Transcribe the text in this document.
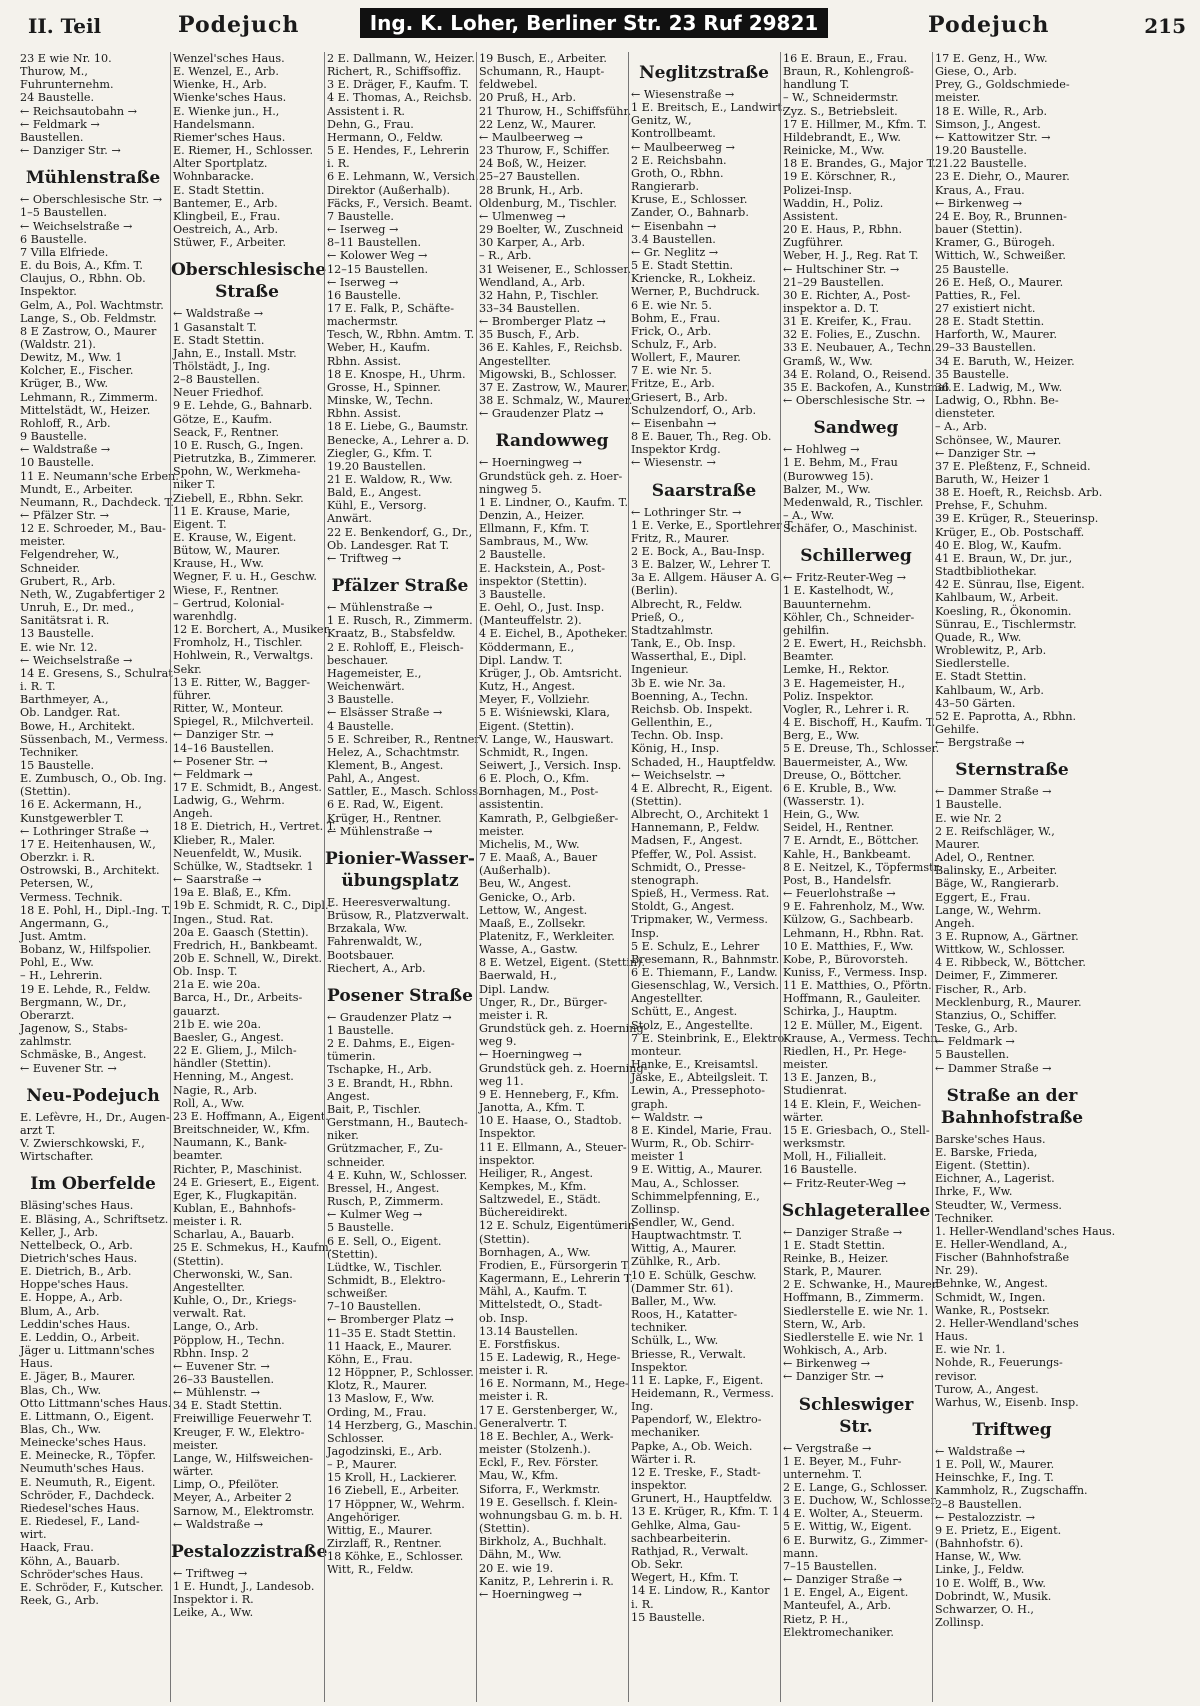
II. Teil	Podejuch	Ing. K. Loher, Berliner Str. 23 Ruf 29821	Podejuch	215
23 E wie Nr. 10.
Thurow, M.,
Fuhrunternehm.
24 Baustelle.
← Reichsautobahn →
← Feldmark →
Baustellen.
← Danziger Str. →
Mühlenstraße
← Oberschlesische Str. →
1–5 Baustellen.
← Weichselstraße →
6 Baustelle.
7 Villa Elfriede.
E. du Bois, A., Kfm. T.
Claujus, O., Rbhn. Ob.
Inspektor.
Gelm, A., Pol. Wachtmstr.
Lange, S., Ob. Feldmstr.
8 E Zastrow, O., Maurer
(Waldstr. 21).
Dewitz, M., Ww. 1
Kolcher, E., Fischer.
Krüger, B., Ww.
Lehmann, R., Zimmerm.
Mittelstädt, W., Heizer.
Rohloff, R., Arb.
9 Baustelle.
← Waldstraße →
10 Baustelle.
11 E. Neumann'sche Erben.
Mundt, E., Arbeiter.
Neumann, R., Dachdeck. T.
← Pfälzer Str. →
12 E. Schroeder, M., Bau-
meister.
Felgendreher, W.,
Schneider.
Grubert, R., Arb.
Neth, W., Zugabfertiger 2
Unruh, E., Dr. med.,
Sanitätsrat i. R.
13 Baustelle.
E. wie Nr. 12.
← Weichselstraße →
14 E. Gresens, S., Schulrat
i. R. T.
Barthmeyer, A.,
Ob. Landger. Rat.
Bowe, H., Architekt.
Süssenbach, M., Vermess.
Techniker.
15 Baustelle.
E. Zumbusch, O., Ob. Ing.
(Stettin).
16 E. Ackermann, H.,
Kunstgewerbler T.
← Lothringer Straße →
17 E. Heitenhausen, W.,
Oberzkr. i. R.
Ostrowski, B., Architekt.
Petersen, W.,
Vermess. Technik.
18 E. Pohl, H., Dipl.-Ing. T.
Angermann, G.,
Just. Amtm.
Bobanz, W., Hilfspolier.
Pohl, E., Ww.
– H., Lehrerin.
19 E. Lehde, R., Feldw.
Bergmann, W., Dr.,
Oberarzt.
Jagenow, S., Stabs-
zahlmstr.
Schmäske, B., Angest.
← Euvener Str. →
Neu-Podejuch
E. Lefèvre, H., Dr., Augen-
arzt T.
V. Zwierschkowski, F.,
Wirtschafter.
Im Oberfelde
Bläsing'sches Haus.
E. Bläsing, A., Schriftsetz.
Keller, J., Arb.
Nettelbeck, O., Arb.
Dietrich'sches Haus.
E. Dietrich, B., Arb.
Hoppe'sches Haus.
E. Hoppe, A., Arb.
Blum, A., Arb.
Leddin'sches Haus.
E. Leddin, O., Arbeit.
Jäger u. Littmann'sches
Haus.
E. Jäger, B., Maurer.
Blas, Ch., Ww.
Otto Littmann'sches Haus.
E. Littmann, O., Eigent.
Blas, Ch., Ww.
Meinecke'sches Haus.
E. Meinecke, R., Töpfer.
Neumuth'sches Haus.
E. Neumuth, R., Eigent.
Schröder, F., Dachdeck.
Riedesel'sches Haus.
E. Riedesel, F., Land-
wirt.
Haack, Frau.
Köhn, A., Bauarb.
Schröder'sches Haus.
E. Schröder, F., Kutscher.
Reek, G., Arb.
Wenzel'sches Haus.
E. Wenzel, E., Arb.
Wienke, H., Arb.
Wienke'sches Haus.
E. Wienke jun., H.,
Handelsmann.
Riemer'sches Haus.
E. Riemer, H., Schlosser.
Alter Sportplatz.
Wohnbaracke.
E. Stadt Stettin.
Bantemer, E., Arb.
Klingbeil, E., Frau.
Oestreich, A., Arb.
Stüwer, F., Arbeiter.
Oberschlesische Straße
← Waldstraße →
1 Gasanstalt T.
E. Stadt Stettin.
Jahn, E., Install. Mstr.
Thölstädt, J., Ing.
2–8 Baustellen.
Neuer Friedhof.
9 E. Lehde, G., Bahnarb.
Götze, E., Kaufm.
Seack, F., Rentner.
10 E. Rusch, G., Ingen.
Pietrutzka, B., Zimmerer.
Spohn, W., Werkmeha-
niker T.
Ziebell, E., Rbhn. Sekr.
11 E. Krause, Marie,
Eigent. T.
E. Krause, W., Eigent.
Bütow, W., Maurer.
Krause, H., Ww.
Wegner, F. u. H., Geschw.
Wiese, F., Rentner.
– Gertrud, Kolonial-
warenhdlg.
12 E. Borchert, A., Musiker.
Fromholz, H., Tischler.
Hohlwein, R., Verwaltgs.
Sekr.
13 E. Ritter, W., Bagger-
führer.
Ritter, W., Monteur.
Spiegel, R., Milchverteil.
← Danziger Str. →
14–16 Baustellen.
← Posener Str. →
← Feldmark →
17 E. Schmidt, B., Angest.
Ladwig, G., Wehrm.
Angeh.
18 E. Dietrich, H., Vertret. T.
Klieber, R., Maler.
Neuenfeldt, W., Musik.
Schülke, W., Stadtsekr. 1
← Saarstraße →
19a E. Blaß, E., Kfm.
19b E. Schmidt, R. C., Dipl.-
Ingen., Stud. Rat.
20a E. Gaasch (Stettin).
Fredrich, H., Bankbeamt.
20b E. Schnell, W., Direkt.
Ob. Insp. T.
21a E. wie 20a.
Barca, H., Dr., Arbeits-
gauarzt.
21b E. wie 20a.
Baesler, G., Angest.
22 E. Gliem, J., Milch-
händler (Stettin).
Henning, M., Angest.
Nagie, R., Arb.
Roll, A., Ww.
23 E. Hoffmann, A., Eigent.
Breitschneider, W., Kfm.
Naumann, K., Bank-
beamter.
Richter, P., Maschinist.
24 E. Griesert, E., Eigent.
Eger, K., Flugkapitän.
Kublan, E., Bahnhofs-
meister i. R.
Scharlau, A., Bauarb.
25 E. Schmekus, H., Kaufm.
(Stettin).
Cherwonski, W., San.
Angestellter.
Kuhle, O., Dr., Kriegs-
verwalt. Rat.
Lange, O., Arb.
Pöpplow, H., Techn.
Rbhn. Insp. 2
← Euvener Str. →
26–33 Baustellen.
← Mühlenstr. →
34 E. Stadt Stettin.
Freiwillige Feuerwehr T.
Kreuger, F. W., Elektro-
meister.
Lange, W., Hilfsweichen-
wärter.
Limp, O., Pfeilöter.
Meyer, A., Arbeiter 2
Sarnow, M., Elektromstr.
← Waldstraße →
Pestalozzistraße
← Triftweg →
1 E. Hundt, J., Landesob.
Inspektor i. R.
Leike, A., Ww.
2 E. Dallmann, W., Heizer.
Richert, R., Schiffsoffiz.
3 E. Dräger, F., Kaufm. T.
4 E. Thomas, A., Reichsb.
Assistent i. R.
Dehn, G., Frau.
Hermann, O., Feldw.
5 E. Hendes, F., Lehrerin
i. R.
6 E. Lehmann, W., Versich.
Direktor (Außerhalb).
Fäcks, F., Versich. Beamt.
7 Baustelle.
← Iserweg →
8–11 Baustellen.
← Kolower Weg →
12–15 Baustellen.
← Iserweg →
16 Baustelle.
17 E. Falk, P., Schäfte-
machermstr.
Tesch, W., Rbhn. Amtm. T.
Weber, H., Kaufm.
Rbhn. Assist.
18 E. Knospe, H., Uhrm.
Grosse, H., Spinner.
Minske, W., Techn.
Rbhn. Assist.
18 E. Liebe, G., Baumstr.
Benecke, A., Lehrer a. D.
Ziegler, G., Kfm. T.
19.20 Baustellen.
21 E. Waldow, R., Ww.
Bald, E., Angest.
Kühl, E., Versorg.
Anwärt.
22 E. Benkendorf, G., Dr.,
Ob. Landesger. Rat T.
← Triftweg →
Pfälzer Straße
← Mühlenstraße →
1 E. Rusch, R., Zimmerm.
Kraatz, B., Stabsfeldw.
2 E. Rohloff, E., Fleisch-
beschauer.
Hagemeister, E.,
Weichenwärt.
3 Baustelle.
← Elsässer Straße →
4 Baustelle.
5 E. Schreiber, R., Rentner
Helez, A., Schachtmstr.
Klement, B., Angest.
Pahl, A., Angest.
Sattler, E., Masch. Schloss.
6 E. Rad, W., Eigent.
Krüger, H., Rentner.
← Mühlenstraße →
Pionier-Wasser-übungsplatz
E. Heeresverwaltung.
Brüsow, R., Platzverwalt.
Brzakala, Ww.
Fahrenwaldt, W.,
Bootsbauer.
Riechert, A., Arb.
Posener Straße
← Graudenzer Platz →
1 Baustelle.
2 E. Dahms, E., Eigen-
tümerin.
Tschapke, H., Arb.
3 E. Brandt, H., Rbhn.
Angest.
Bait, P., Tischler.
Gerstmann, H., Bautech-
niker.
Grützmacher, F., Zu-
schneider.
4 E. Kuhn, W., Schlosser.
Bressel, H., Angest.
Rusch, P., Zimmerm.
← Kulmer Weg →
5 Baustelle.
6 E. Sell, O., Eigent.
(Stettin).
Lüdtke, W., Tischler.
Schmidt, B., Elektro-
schweißer.
7–10 Baustellen.
← Bromberger Platz →
11–35 E. Stadt Stettin.
11 Haack, E., Maurer.
Köhn, E., Frau.
12 Höppner, P., Schlosser.
Klotz, R., Maurer.
13 Maslow, F., Ww.
Ording, M., Frau.
14 Herzberg, G., Maschin.
Schlosser.
Jagodzinski, E., Arb.
– P., Maurer.
15 Kroll, H., Lackierer.
16 Ziebell, E., Arbeiter.
17 Höppner, W., Wehrm.
Angehöriger.
Wittig, E., Maurer.
Zirzlaff, R., Rentner.
18 Köhke, E., Schlosser.
Witt, R., Feldw.
19 Busch, E., Arbeiter.
Schumann, R., Haupt-
feldwebel.
20 Pruß, H., Arb.
21 Thurow, H., Schiffsführ.
22 Lenz, W., Maurer.
← Maulbeerweg →
23 Thurow, F., Schiffer.
24 Boß, W., Heizer.
25–27 Baustellen.
28 Brunk, H., Arb.
Oldenburg, M., Tischler.
← Ulmenweg →
29 Boelter, W., Zuschneid
30 Karper, A., Arb.
– R., Arb.
31 Weisener, E., Schlosser.
Wendland, A., Arb.
32 Hahn, P., Tischler.
33–34 Baustellen.
← Bromberger Platz →
35 Busch, F., Arb.
36 E. Kahles, F., Reichsb.
Angestellter.
Migowski, B., Schlosser.
37 E. Zastrow, W., Maurer.
38 E. Schmalz, W., Maurer.
← Graudenzer Platz →
Randowweg
← Hoerningweg →
Grundstück geh. z. Hoer-
ningweg 5.
1 E. Lindner, O., Kaufm. T.
Denzin, A., Heizer.
Ellmann, F., Kfm. T.
Sambraus, M., Ww.
2 Baustelle.
E. Hackstein, A., Post-
inspektor (Stettin).
3 Baustelle.
E. Oehl, O., Just. Insp.
(Manteuffelstr. 2).
4 E. Eichel, B., Apotheker.
Köddermann, E.,
Dipl. Landw. T.
Krüger, J., Ob. Amtsricht.
Kutz, H., Angest.
Meyer, F., Vollziehr.
5 E. Wiśniewski, Klara,
Eigent. (Stettin).
V. Lange, W., Hauswart.
Schmidt, R., Ingen.
Seiwert, J., Versich. Insp.
6 E. Ploch, O., Kfm.
Bornhagen, M., Post-
assistentin.
Kamrath, P., Gelbgießer-
meister.
Michelis, M., Ww.
7 E. Maaß, A., Bauer
(Außerhalb).
Beu, W., Angest.
Genicke, O., Arb.
Lettow, W., Angest.
Maaß, E., Zollsekr.
Platenitz, F., Werkleiter.
Wasse, A., Gastw.
8 E. Wetzel, Eigent. (Stettin).
Baerwald, H.,
Dipl. Landw.
Unger, R., Dr., Bürger-
meister i. R.
Grundstück geh. z. Hoerning-
weg 9.
← Hoerningweg →
Grundstück geh. z. Hoerning-
weg 11.
9 E. Henneberg, F., Kfm.
Janotta, A., Kfm. T.
10 E. Haase, O., Stadtob.
Inspektor.
11 E. Ellmann, A., Steuer-
inspektor.
Heiliger, R., Angest.
Kempkes, M., Kfm.
Saltzwedel, E., Städt.
Büchereidirekt.
12 E. Schulz, Eigentümerin
(Stettin).
Bornhagen, A., Ww.
Frodien, E., Fürsorgerin T.
Kagermann, E., Lehrerin T.
Mähl, A., Kaufm. T.
Mittelstedt, O., Stadt-
ob. Insp.
13.14 Baustellen.
E. Forstfiskus.
15 E. Ladewig, R., Hege-
meister i. R.
16 E. Normann, M., Hege-
meister i. R.
17 E. Gerstenberger, W.,
Generalvertr. T.
18 E. Bechler, A., Werk-
meister (Stolzenh.).
Eckl, F., Rev. Förster.
Mau, W., Kfm.
Siforra, F., Werkmstr.
19 E. Gesellsch. f. Klein-
wohnungsbau G. m. b. H.
(Stettin).
Birkholz, A., Buchhalt.
Dähn, M., Ww.
20 E. wie 19.
Kanitz, P., Lehrerin i. R.
← Hoerningweg →
Neglitzstraße
← Wiesenstraße →
1 E. Breitsch, E., Landwirt.
Genitz, W.,
Kontrollbeamt.
← Maulbeerweg →
2 E. Reichsbahn.
Groth, O., Rbhn.
Rangierarb.
Kruse, E., Schlosser.
Zander, O., Bahnarb.
← Eisenbahn →
3.4 Baustellen.
← Gr. Neglitz →
5 E. Stadt Stettin.
Kriencke, R., Lokheiz.
Werner, P., Buchdruck.
6 E. wie Nr. 5.
Bohm, E., Frau.
Frick, O., Arb.
Schulz, F., Arb.
Wollert, F., Maurer.
7 E. wie Nr. 5.
Fritze, E., Arb.
Griesert, B., Arb.
Schulzendorf, O., Arb.
← Eisenbahn →
8 E. Bauer, Th., Reg. Ob.
Inspektor Krdg.
← Wiesenstr. →
Saarstraße
← Lothringer Str. →
1 E. Verke, E., Sportlehrer T.
Fritz, R., Maurer.
2 E. Bock, A., Bau-Insp.
3 E. Balzer, W., Lehrer T.
3a E. Allgem. Häuser A. G.
(Berlin).
Albrecht, R., Feldw.
Prieß, O.,
Stadtzahlmstr.
Tank, E., Ob. Insp.
Wasserthal, E., Dipl.
Ingenieur.
3b E. wie Nr. 3a.
Boenning, A., Techn.
Reichsb. Ob. Inspekt.
Gellenthin, E.,
Techn. Ob. Insp.
König, H., Insp.
Schaded, H., Hauptfeldw.
← Weichselstr. →
4 E. Albrecht, R., Eigent.
(Stettin).
Albrecht, O., Architekt 1
Hannemann, P., Feldw.
Madsen, F., Angest.
Pfeffer, W., Pol. Assist.
Schmidt, O., Presse-
stenograph.
Spieß, H., Vermess. Rat.
Stoldt, G., Angest.
Tripmaker, W., Vermess.
Insp.
5 E. Schulz, E., Lehrer
Bresemann, R., Bahnmstr.
6 E. Thiemann, F., Landw.
Giesenschlag, W., Versich.
Angestellter.
Schütt, E., Angest.
Stolz, E., Angestellte.
7 E. Steinbrink, E., Elektro-
monteur.
Hanke, E., Kreisamtsl.
Jaske, E., Abteilgsleit. T.
Lewin, A., Pressephoto-
graph.
← Waldstr. →
8 E. Kindel, Marie, Frau.
Wurm, R., Ob. Schirr-
meister 1
9 E. Wittig, A., Maurer.
Mau, A., Schlosser.
Schimmelpfenning, E.,
Zollinsp.
Sendler, W., Gend.
Hauptwachtmstr. T.
Wittig, A., Maurer.
Zühlke, R., Arb.
10 E. Schülk, Geschw.
(Dammer Str. 61).
Baller, M., Ww.
Roos, H., Katatter-
techniker.
Schülk, L., Ww.
Briesse, R., Verwalt.
Inspektor.
11 E. Lapke, F., Eigent.
Heidemann, R., Vermess.
Ing.
Papendorf, W., Elektro-
mechaniker.
Papke, A., Ob. Weich.
Wärter i. R.
12 E. Treske, F., Stadt-
inspektor.
Grunert, H., Hauptfeldw.
13 E. Krüger, R., Kfm. T. 1
Gehlke, Alma, Gau-
sachbearbeiterin.
Rathjad, R., Verwalt.
Ob. Sekr.
Wegert, H., Kfm. T.
14 E. Lindow, R., Kantor
i. R.
15 Baustelle.
16 E. Braun, E., Frau.
Braun, R., Kohlengroß-
handlung T.
– W., Schneidermstr.
Zyz. S., Betriebsleit.
17 E. Hillmer, M., Kfm. T.
Hildebrandt, E., Ww.
Reinicke, M., Ww.
18 E. Brandes, G., Major T.
19 E. Körschner, R.,
Polizei-Insp.
Waddin, H., Poliz.
Assistent.
20 E. Haus, P., Rbhn.
Zugführer.
Weber, H. J., Reg. Rat T.
← Hultschiner Str. →
21–29 Baustellen.
30 E. Richter, A., Post-
inspektor a. D. T.
31 E. Kreifer, K., Frau.
32 E. Folies, E., Zuschn.
33 E. Neubauer, A., Techn.
Gramß, W., Ww.
34 E. Roland, O., Reisend.
35 E. Backofen, A., Kunstmal.
← Oberschlesische Str. →
Sandweg
← Hohlweg →
1 E. Behm, M., Frau
(Burowweg 15).
Balzer, M., Ww.
Medenwald, R., Tischler.
– A., Ww.
Schäfer, O., Maschinist.
Schillerweg
← Fritz-Reuter-Weg →
1 E. Kastelhodt, W.,
Bauunternehm.
Köhler, Ch., Schneider-
gehilfin.
2 E. Ewert, H., Reichsbh.
Beamter.
Lemke, H., Rektor.
3 E. Hagemeister, H.,
Poliz. Inspektor.
Vogler, R., Lehrer i. R.
4 E. Bischoff, H., Kaufm. T.
Berg, E., Ww.
5 E. Dreuse, Th., Schlosser.
Bauermeister, A., Ww.
Dreuse, O., Böttcher.
6 E. Kruble, B., Ww.
(Wasserstr. 1).
Hein, G., Ww.
Seidel, H., Rentner.
7 E. Arndt, E., Böttcher.
Kahle, H., Bankbeamt.
8 E. Neitzel, K., Töpfermstr.
Post, B., Handelsfr.
← Feuerlohstraße →
9 E. Fahrenholz, M., Ww.
Külzow, G., Sachbearb.
Lehmann, H., Rbhn. Rat.
10 E. Matthies, F., Ww.
Kobe, P., Bürovorsteh.
Kuniss, F., Vermess. Insp.
11 E. Matthies, O., Pförtn.
Hoffmann, R., Gauleiter.
Schirka, J., Hauptm.
12 E. Müller, M., Eigent.
Krause, A., Vermess. Techn.
Riedlen, H., Pr. Hege-
meister.
13 E. Janzen, B.,
Studienrat.
14 E. Klein, F., Weichen-
wärter.
15 E. Griesbach, O., Stell-
werksmstr.
Moll, H., Filialleit.
16 Baustelle.
← Fritz-Reuter-Weg →
Schlageterallee
← Danziger Straße →
1 E. Stadt Stettin.
Reinke, B., Heizer.
Stark, P., Maurer.
2 E. Schwanke, H., Maurer.
Hoffmann, B., Zimmerm.
Siedlerstelle E. wie Nr. 1.
Stern, W., Arb.
Siedlerstelle E. wie Nr. 1
Wohkisch, A., Arb.
← Birkenweg →
← Danziger Str. →
Schleswiger Str.
← Vergstraße →
1 E. Beyer, M., Fuhr-
unternehm. T.
2 E. Lange, G., Schlosser.
3 E. Duchow, W., Schlosser.
4 E. Wolter, A., Steuerm.
5 E. Wittig, W., Eigent.
6 E. Burwitz, G., Zimmer-
mann.
7–15 Baustellen.
← Danziger Straße →
1 E. Engel, A., Eigent.
Manteufel, A., Arb.
Rietz, P. H.,
Elektromechaniker.
17 E. Genz, H., Ww.
Giese, O., Arb.
Prey, G., Goldschmiede-
meister.
18 E. Wille, R., Arb.
Simson, J., Angest.
← Kattowitzer Str. →
19.20 Baustelle.
21.22 Baustelle.
23 E. Diehr, O., Maurer.
Kraus, A., Frau.
← Birkenweg →
24 E. Boy, R., Brunnen-
bauer (Stettin).
Kramer, G., Bürogeh.
Wittich, W., Schweißer.
25 Baustelle.
26 E. Heß, O., Maurer.
Patties, R., Fel.
27 existiert nicht.
28 E. Stadt Stettin.
Harforth, W., Maurer.
29–33 Baustellen.
34 E. Baruth, W., Heizer.
35 Baustelle.
36 E. Ladwig, M., Ww.
Ladwig, O., Rbhn. Be-
diensteter.
– A., Arb.
Schönsee, W., Maurer.
← Danziger Str. →
37 E. Pleßtenz, F., Schneid.
Baruth, W., Heizer 1
38 E. Hoeft, R., Reichsb. Arb.
Prehse, F., Schuhm.
39 E. Krüger, R., Steuerinsp.
Krüger, E., Ob. Postschaff.
40 E. Blog, W., Kaufm.
41 E. Braun, W., Dr. jur.,
Stadtbibliothekar.
42 E. Sünrau, Ilse, Eigent.
Kahlbaum, W., Arbeit.
Koesling, R., Ökonomin.
Sünrau, E., Tischlermstr.
Quade, R., Ww.
Wroblewitz, P., Arb.
Siedlerstelle.
E. Stadt Stettin.
Kahlbaum, W., Arb.
43–50 Gärten.
52 E. Paprotta, A., Rbhn.
Gehilfe.
← Bergstraße →
Sternstraße
← Dammer Straße →
1 Baustelle.
E. wie Nr. 2
2 E. Reifschläger, W.,
Maurer.
Adel, O., Rentner.
Balinsky, E., Arbeiter.
Bäge, W., Rangierarb.
Eggert, E., Frau.
Lange, W., Wehrm.
Angeh.
3 E. Rupnow, A., Gärtner.
Wittkow, W., Schlosser.
4 E. Ribbeck, W., Böttcher.
Deimer, F., Zimmerer.
Fischer, R., Arb.
Mecklenburg, R., Maurer.
Stanzius, O., Schiffer.
Teske, G., Arb.
← Feldmark →
5 Baustellen.
← Dammer Straße →
Straße an der Bahnhofstraße
Barske'sches Haus.
E. Barske, Frieda,
Eigent. (Stettin).
Eichner, A., Lagerist.
Ihrke, F., Ww.
Steudter, W., Vermess.
Techniker.
1. Heller-Wendland'sches Haus.
E. Heller-Wendland, A.,
Fischer (Bahnhofstraße
Nr. 29).
Behnke, W., Angest.
Schmidt, W., Ingen.
Wanke, R., Postsekr.
2. Heller-Wendland'sches
Haus.
E. wie Nr. 1.
Nohde, R., Feuerungs-
revisor.
Turow, A., Angest.
Warhus, W., Eisenb. Insp.
Triftweg
← Waldstraße →
1 E. Poll, W., Maurer.
Heinschke, F., Ing. T.
Kammholz, R., Zugschaffn.
2–8 Baustellen.
← Pestalozzistr. →
9 E. Prietz, E., Eigent.
(Bahnhofstr. 6).
Hanse, W., Ww.
Linke, J., Feldw.
10 E. Wolff, B., Ww.
Dobrindt, W., Musik.
Schwarzer, O. H.,
Zollinsp.
